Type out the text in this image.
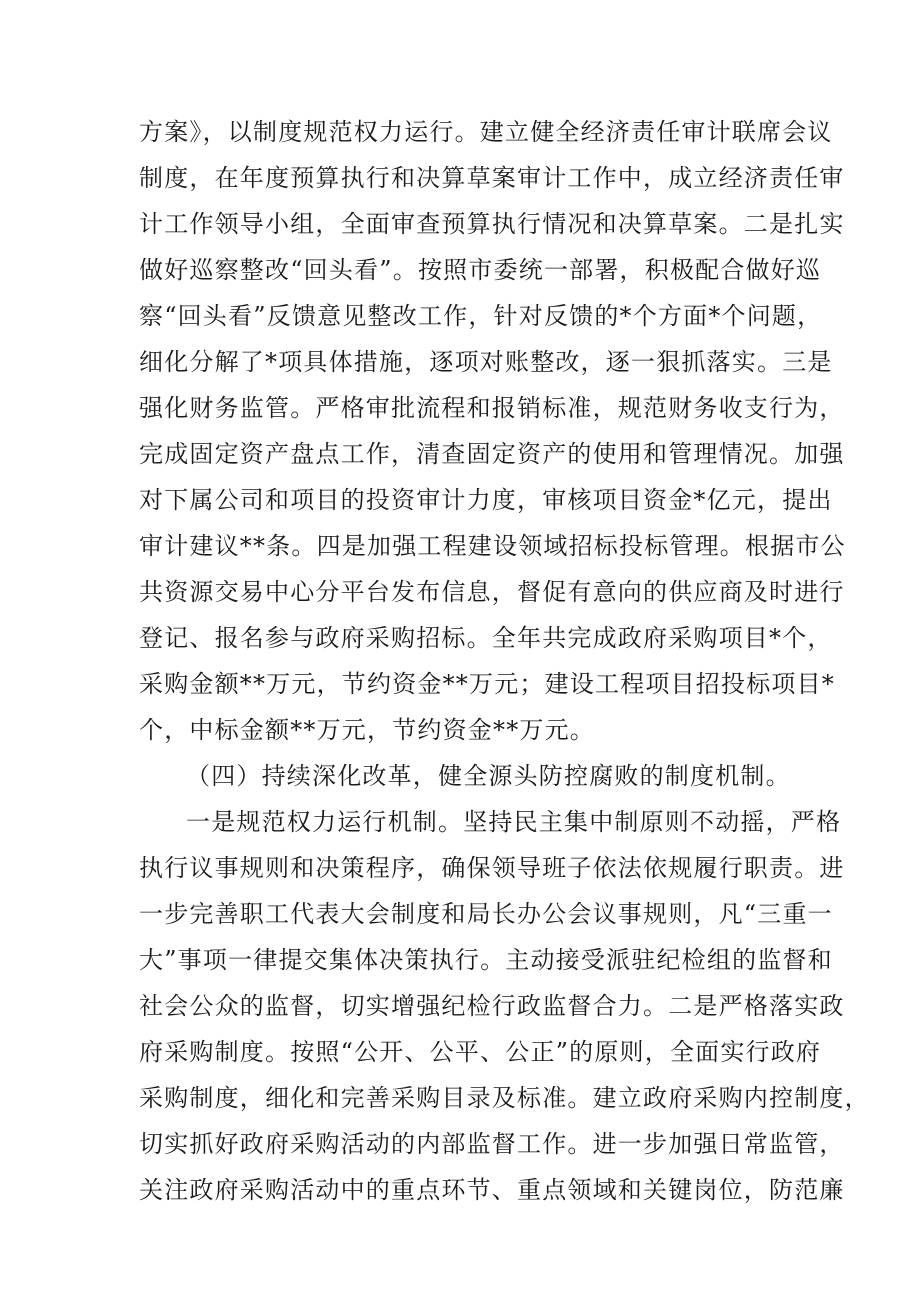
方案》，以制度规范权力运行。建立健全经济责任审计联席会议
制度，在年度预算执行和决算草案审计工作中，成立经济责任审
计工作领导小组，全面审查预算执行情况和决算草案。二是扎实
做好巡察整改“回头看”。按照市委统一部署，积极配合做好巡
察“回头看”反馈意见整改工作，针对反馈的*个方面*个问题，
细化分解了*项具体措施，逐项对账整改，逐一狠抓落实。三是
强化财务监管。严格审批流程和报销标准，规范财务收支行为，
完成固定资产盘点工作，清查固定资产的使用和管理情况。加强
对下属公司和项目的投资审计力度，审核项目资金*亿元，提出
审计建议**条。四是加强工程建设领域招标投标管理。根据市公
共资源交易中心分平台发布信息，督促有意向的供应商及时进行
登记、报名参与政府采购招标。全年共完成政府采购项目*个，
采购金额**万元，节约资金**万元；建设工程项目招投标项目*
个，中标金额**万元，节约资金**万元。
（四）持续深化改革，健全源头防控腐败的制度机制。
一是规范权力运行机制。坚持民主集中制原则不动摇，严格
执行议事规则和决策程序，确保领导班子依法依规履行职责。进
一步完善职工代表大会制度和局长办公会议事规则，凡“三重一
大”事项一律提交集体决策执行。主动接受派驻纪检组的监督和
社会公众的监督，切实增强纪检行政监督合力。二是严格落实政
府采购制度。按照“公开、公平、公正”的原则，全面实行政府
采购制度，细化和完善采购目录及标准。建立政府采购内控制度，
切实抓好政府采购活动的内部监督工作。进一步加强日常监管，
关注政府采购活动中的重点环节、重点领域和关键岗位，防范廉
